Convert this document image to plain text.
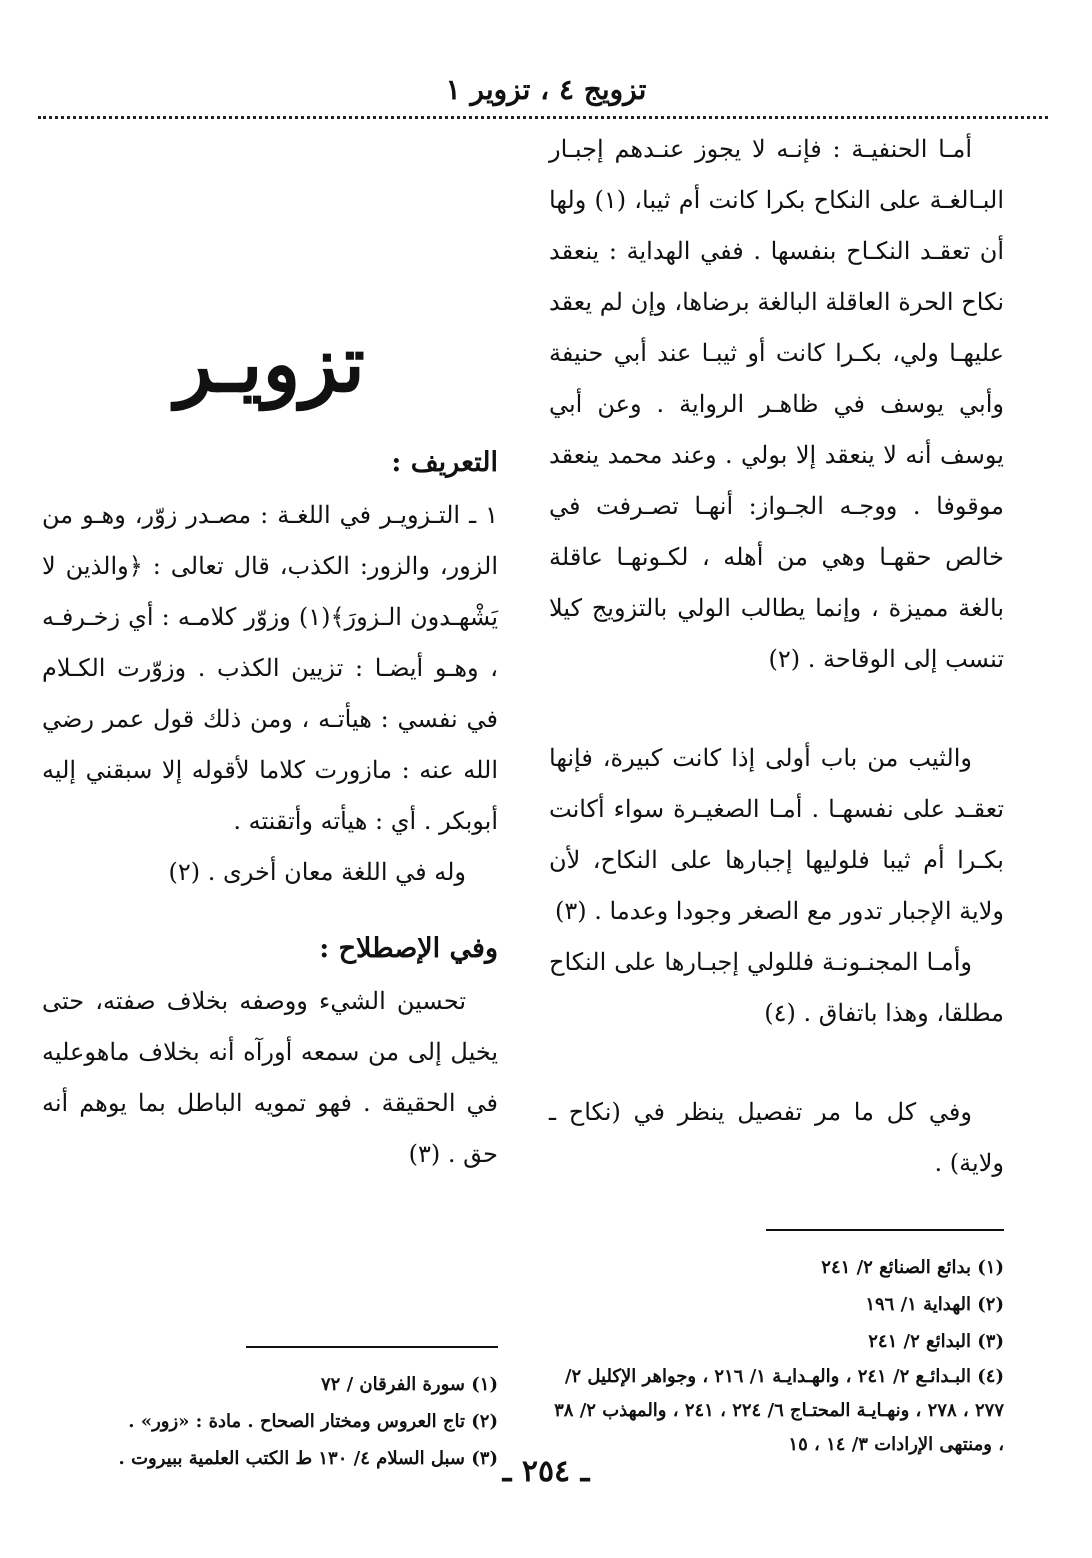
تزويج ٤ ، تزوير ١

أمـا الحنفيـة : فإنـه لا يجوز عنـدهم إجبـار البـالغـة على النكاح بكرا كانت أم ثيبا، (١) ولها أن تعقـد النكـاح بنفسها . ففي الهداية : ينعقد نكاح الحرة العاقلة البالغة برضاها، وإن لم يعقد عليهـا ولي، بكـرا كانت أو ثيبـا عند أبي حنيفة وأبي يوسف في ظاهـر الرواية . وعن أبي يوسف أنه لا ينعقد إلا بولي . وعند محمد ينعقد موقوفا . ووجـه الجـواز: أنهـا تصـرفت في خالص حقهـا وهي من أهله ، لكـونهـا عاقلة بالغة مميزة ، وإنما يطالب الولي بالتزويج كيلا تنسب إلى الوقاحة . (٢)

والثيب من باب أولى إذا كانت كبيرة، فإنها تعقـد على نفسهـا . أمـا الصغيـرة سواء أكانت بكـرا أم ثيبا فلوليها إجبارها على النكاح، لأن ولاية الإجبار تدور مع الصغر وجودا وعدما . (٣)

وأمـا المجنـونـة فللولي إجبـارها على النكاح مطلقا، وهذا باتفاق . (٤)

وفي كل ما مر تفصيل ينظر في (نكاح ـ ولاية) .

(١) بدائع الصنائع ٢/ ٢٤١

(٢) الهداية ١/ ١٩٦

(٣) البدائع ٢/ ٢٤١

(٤) البـدائـع ٢/ ٢٤١ ، والهـدايـة ١/ ٢١٦ ، وجواهر الإكليل ٢/ ٢٧٧ ، ٢٧٨ ، ونهـايـة المحتـاج ٦/ ٢٢٤ ، ٢٤١ ، والمهذب ٢/ ٣٨ ، ومنتهى الإرادات ٣/ ١٤ ، ١٥

تزويـر
التعريف :

١ ـ التـزويـر في اللغـة : مصـدر زوّر، وهـو من الزور، والزور: الكذب، قال تعالى : ﴿والذين لا يَشْهـدون الـزورَ﴾(١) وزوّر كلامـه : أي زخـرفـه ، وهـو أيضـا : تزيين الكذب . وزوّرت الكـلام في نفسي : هيأتـه ، ومن ذلك قول عمر رضي الله عنه : مازورت كلاما لأقوله إلا سبقني إليه أبوبكر . أي : هيأته وأتقنته .

وله في اللغة معان أخرى . (٢)

وفي الإصطلاح :

تحسين الشيء ووصفه بخلاف صفته، حتى يخيل إلى من سمعه أورآه أنه بخلاف ماهوعليه في الحقيقة . فهو تمويه الباطل بما يوهم أنه حق . (٣)

(١) سورة الفرقان / ٧٢

(٢) تاج العروس ومختار الصحاح . مادة : «زور» .

(٣) سبل السلام ٤/ ١٣٠ ط الكتب العلمية ببيروت . ـ ٢٥٤ ـ
